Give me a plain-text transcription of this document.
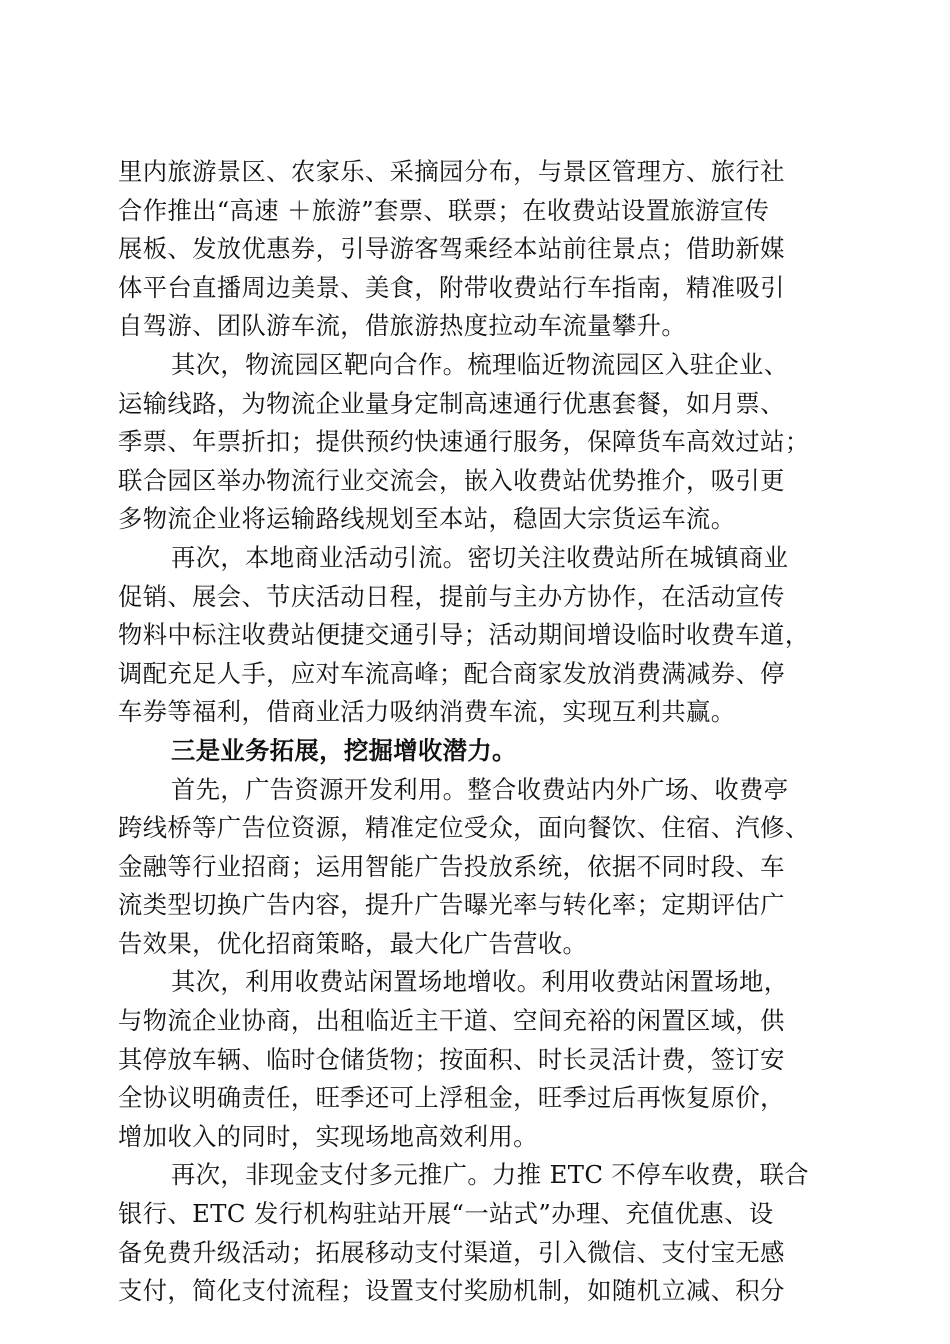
里内旅游景区、农家乐、采摘园分布，与景区管理方、旅行社
合作推出“高速 ＋旅游”套票、联票；在收费站设置旅游宣传
展板、发放优惠券，引导游客驾乘经本站前往景点；借助新媒
体平台直播周边美景、美食，附带收费站行车指南，精准吸引
自驾游、团队游车流，借旅游热度拉动车流量攀升。
其次，物流园区靶向合作。梳理临近物流园区入驻企业、
运输线路，为物流企业量身定制高速通行优惠套餐，如月票、
季票、年票折扣；提供预约快速通行服务，保障货车高效过站；
联合园区举办物流行业交流会，嵌入收费站优势推介，吸引更
多物流企业将运输路线规划至本站，稳固大宗货运车流。
再次，本地商业活动引流。密切关注收费站所在城镇商业
促销、展会、节庆活动日程，提前与主办方协作，在活动宣传
物料中标注收费站便捷交通引导；活动期间增设临时收费车道，
调配充足人手，应对车流高峰；配合商家发放消费满减券、停
车券等福利，借商业活力吸纳消费车流，实现互利共赢。
三是业务拓展，挖掘增收潜力。
首先，广告资源开发利用。整合收费站内外广场、收费亭
跨线桥等广告位资源，精准定位受众，面向餐饮、住宿、汽修、
金融等行业招商；运用智能广告投放系统，依据不同时段、车
流类型切换广告内容，提升广告曝光率与转化率；定期评估广
告效果，优化招商策略，最大化广告营收。
其次，利用收费站闲置场地增收。利用收费站闲置场地，
与物流企业协商，出租临近主干道、空间充裕的闲置区域，供
其停放车辆、临时仓储货物；按面积、时长灵活计费，签订安
全协议明确责任，旺季还可上浮租金，旺季过后再恢复原价，
增加收入的同时，实现场地高效利用。
再次，非现金支付多元推广。力推 ETC 不停车收费，联合
银行、ETC 发行机构驻站开展“一站式”办理、充值优惠、设
备免费升级活动；拓展移动支付渠道，引入微信、支付宝无感
支付，简化支付流程；设置支付奖励机制，如随机立减、积分
